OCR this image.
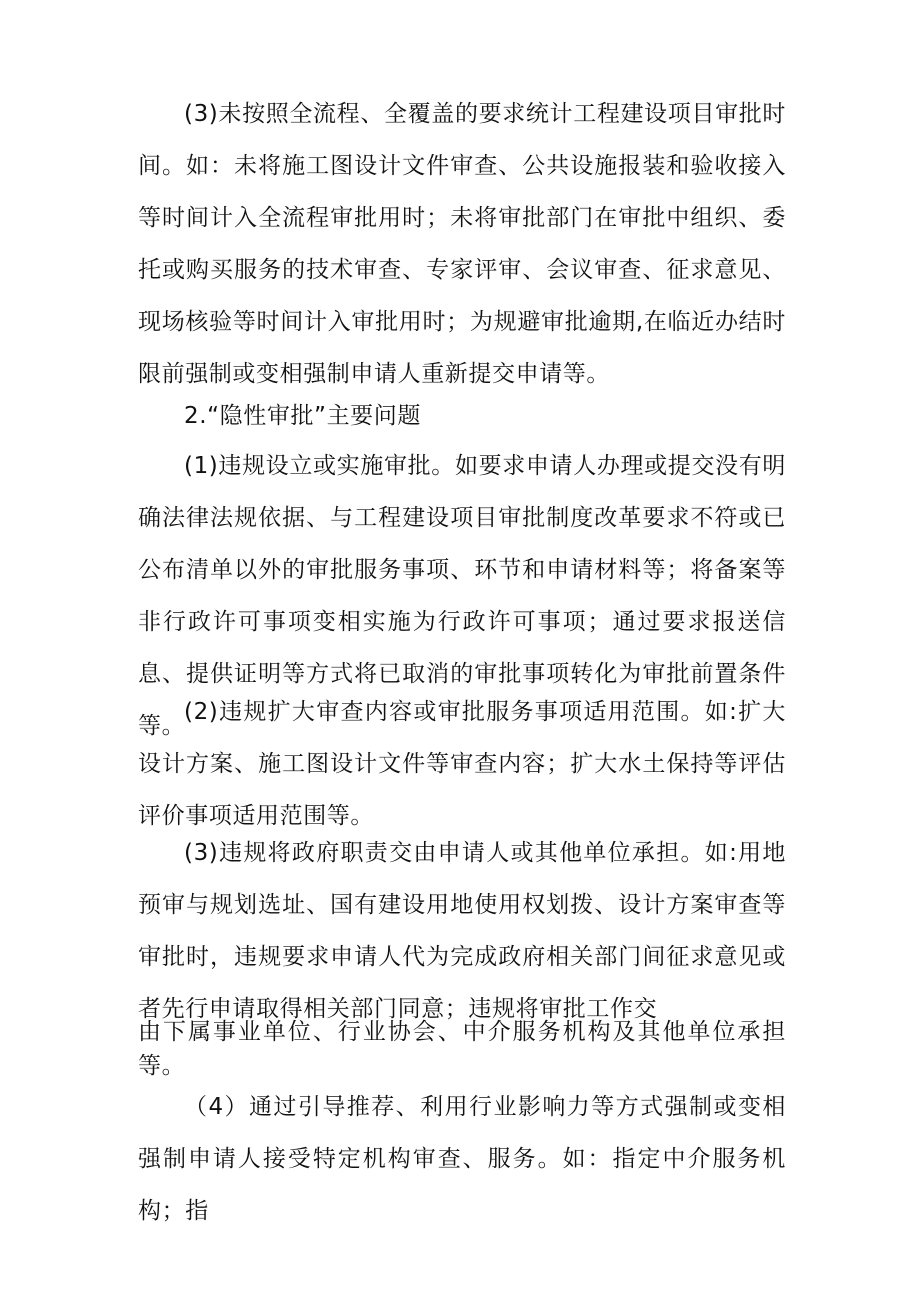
(3)未按照全流程、全覆盖的要求统计工程建设项目审批时间。如：未将施工图设计文件审查、公共设施报装和验收接入等时间计入全流程审批用时；未将审批部门在审批中组织、委托或购买服务的技术审查、专家评审、会议审查、征求意见、现场核验等时间计入审批用时；为规避审批逾期,在临近办结时限前强制或变相强制申请人重新提交申请等。

2.“隐性审批”主要问题

(1)违规设立或实施审批。如要求申请人办理或提交没有明确法律法规依据、与工程建设项目审批制度改革要求不符或已公布清单以外的审批服务事项、环节和申请材料等；将备案等非行政许可事项变相实施为行政许可事项；通过要求报送信息、提供证明等方式将已取消的审批事项转化为审批前置条件等。

(2)违规扩大审查内容或审批服务事项适用范围。如:扩大设计方案、施工图设计文件等审查内容；扩大水土保持等评估评价事项适用范围等。

(3)违规将政府职责交由申请人或其他单位承担。如:用地预审与规划选址、国有建设用地使用权划拨、设计方案审查等审批时，违规要求申请人代为完成政府相关部门间征求意见或者先行申请取得相关部门同意；违规将审批工作交

由下属事业单位、行业协会、中介服务机构及其他单位承担等。

（4）通过引导推荐、利用行业影响力等方式强制或变相强制申请人接受特定机构审查、服务。如：指定中介服务机构；指
